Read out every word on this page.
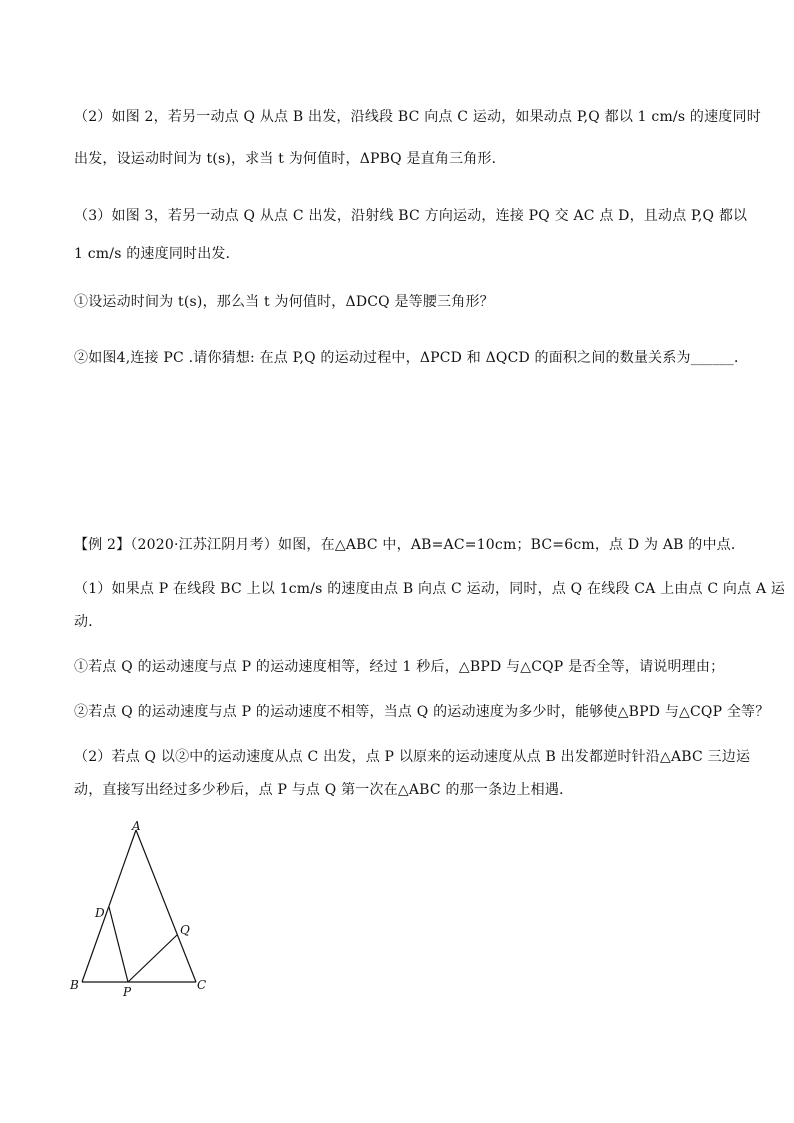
（2）如图 2，若另一动点 Q 从点 B 出发，沿线段 BC 向点 C 运动，如果动点 P,Q 都以 1 cm/s 的速度同时
出发，设运动时间为 t(s)，求当 t 为何值时，ΔPBQ 是直角三角形．
（3）如图 3，若另一动点 Q 从点 C 出发，沿射线 BC 方向运动，连接 PQ 交 AC 点 D，且动点 P,Q 都以
1 cm/s 的速度同时出发．
①设运动时间为 t(s)，那么当 t 为何值时，ΔDCQ 是等腰三角形？
②如图4,连接 PC .请你猜想: 在点 P,Q 的运动过程中，ΔPCD 和 ΔQCD 的面积之间的数量关系为______．
【例 2】（2020·江苏江阴月考）如图，在△ABC 中，AB=AC=10cm；BC=6cm，点 D 为 AB 的中点．
（1）如果点 P 在线段 BC 上以 1cm/s 的速度由点 B 向点 C 运动，同时，点 Q 在线段 CA 上由点 C 向点 A 运
动．
①若点 Q 的运动速度与点 P 的运动速度相等，经过 1 秒后，△BPD 与△CQP 是否全等，请说明理由；
②若点 Q 的运动速度与点 P 的运动速度不相等，当点 Q 的运动速度为多少时，能够使△BPD 与△CQP 全等？
（2）若点 Q 以②中的运动速度从点 C 出发，点 P 以原来的运动速度从点 B 出发都逆时针沿△ABC 三边运
动，直接写出经过多少秒后，点 P 与点 Q 第一次在△ABC 的那一条边上相遇．
A
B	C
D
P
Q
